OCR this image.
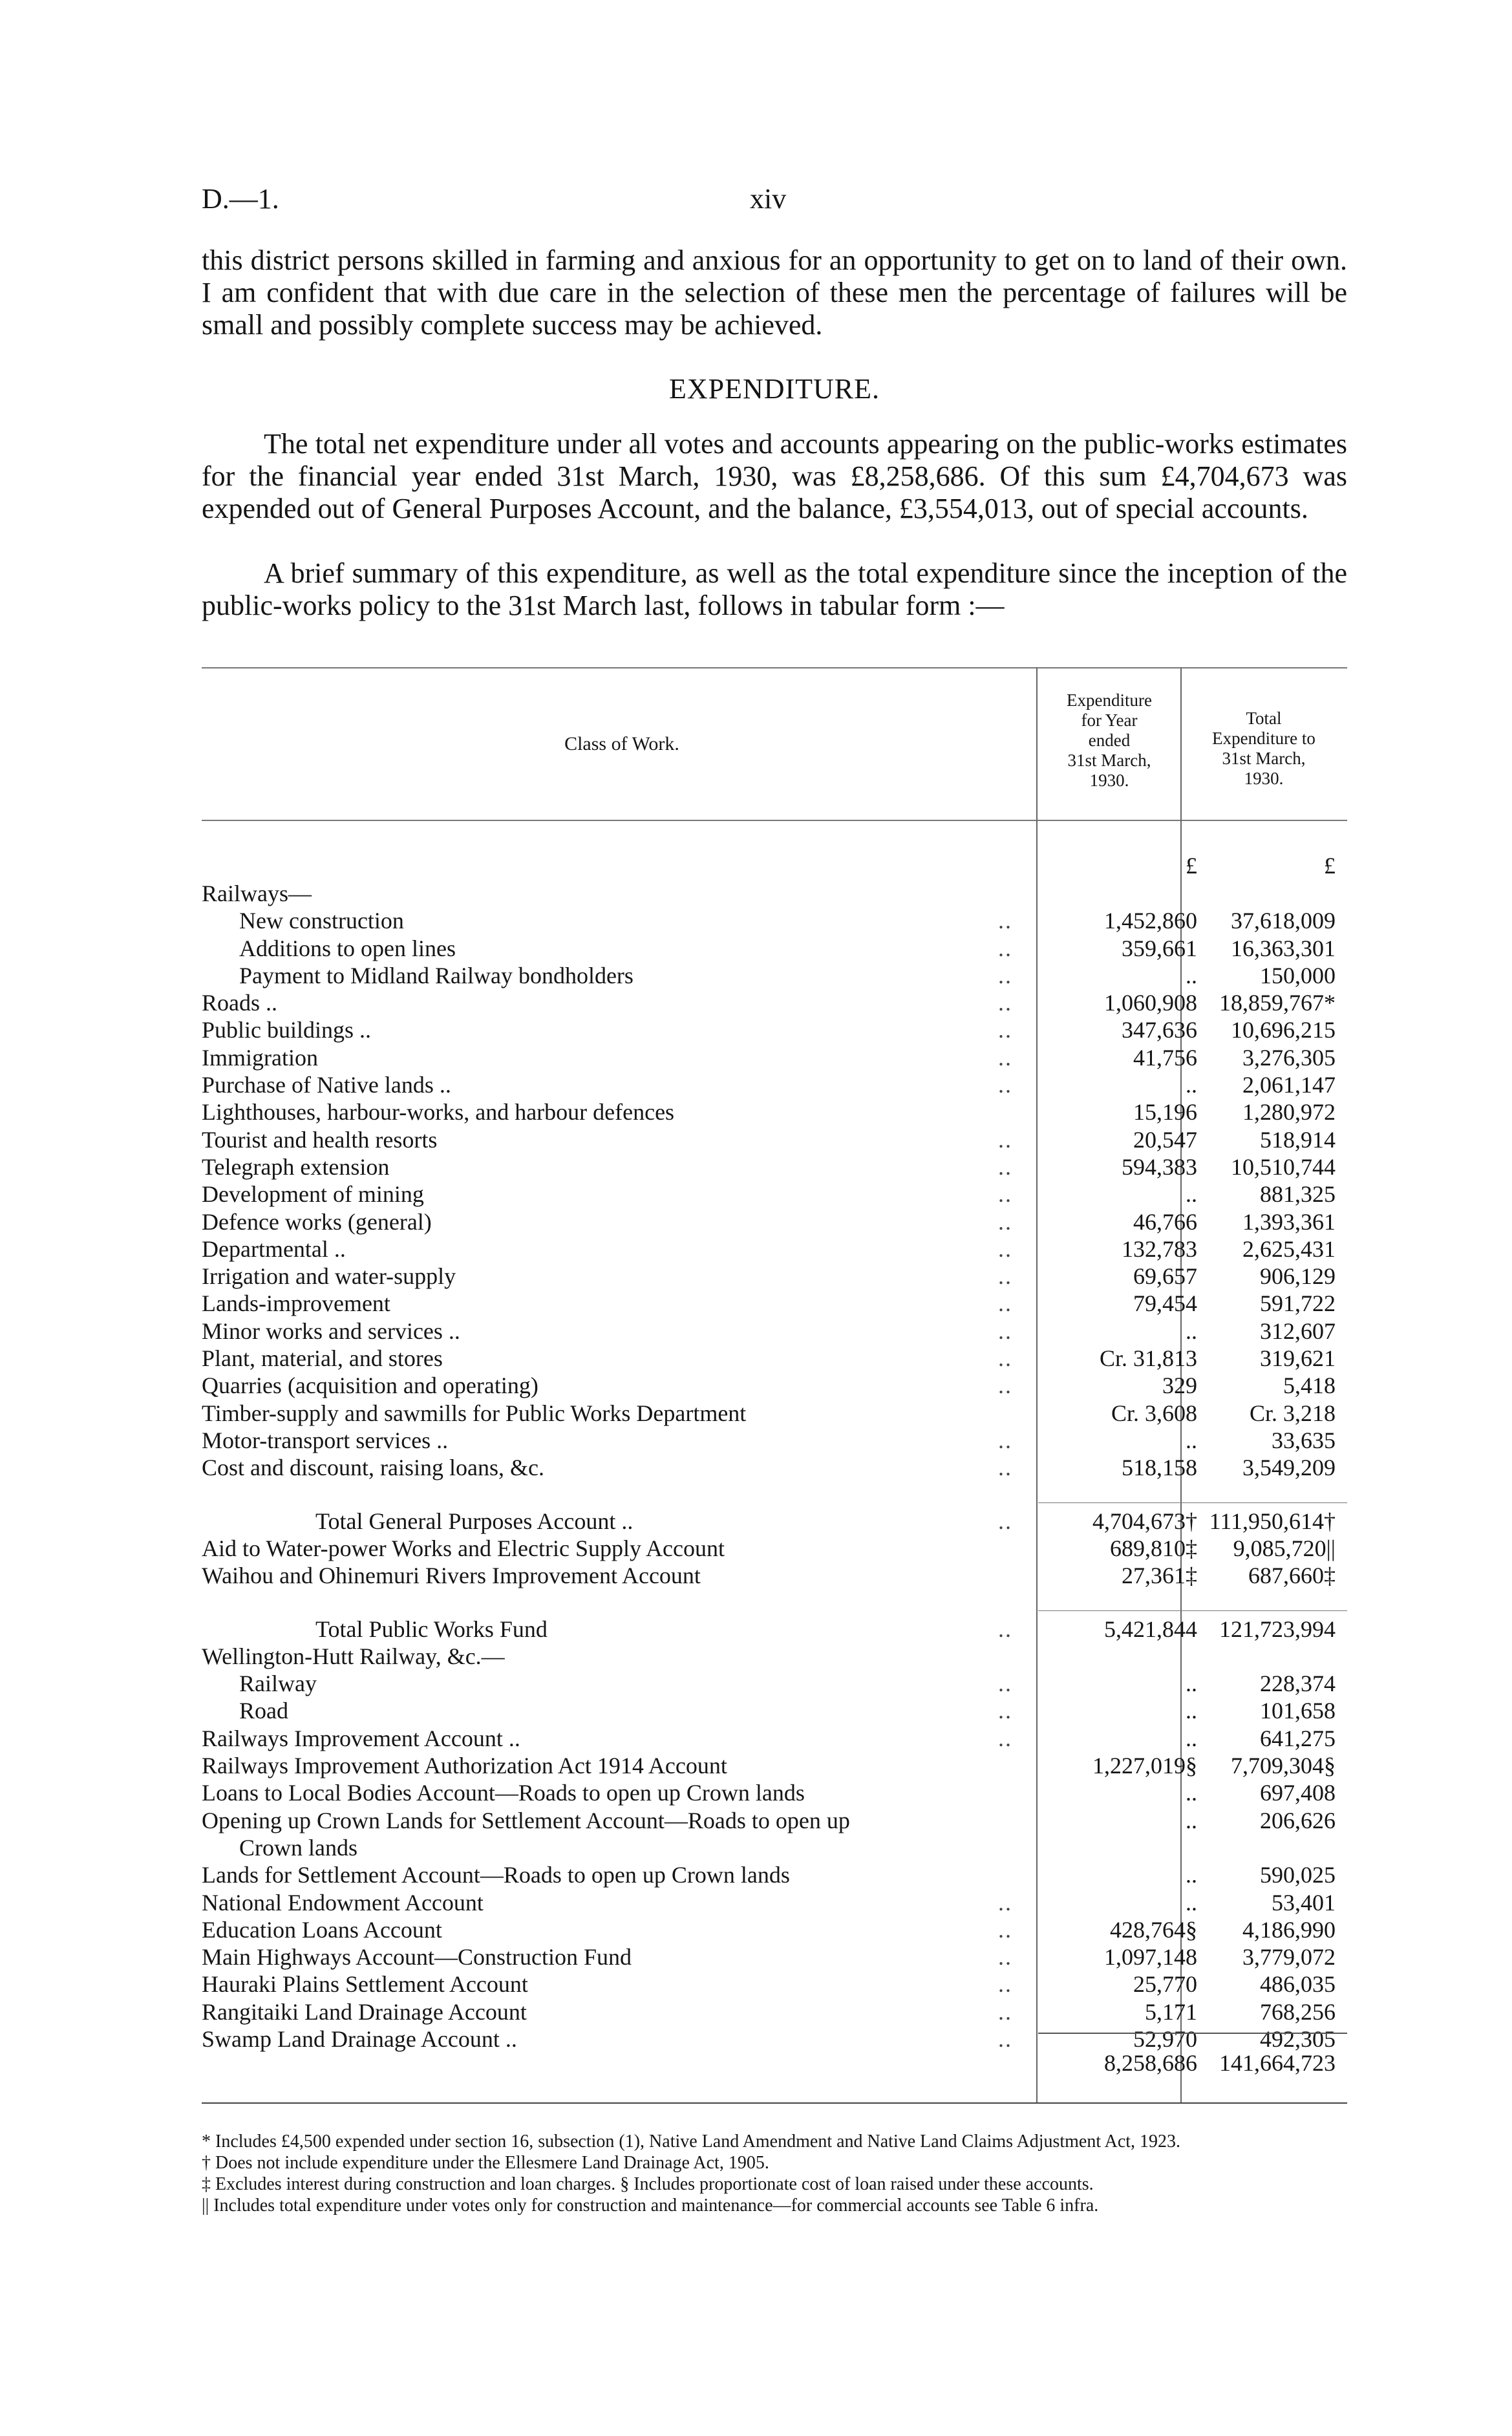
D.—1.	xiv

this district persons skilled in farming and anxious for an opportunity to get on to land of their own. I am confident that with due care in the selection of these men the percentage of failures will be small and possibly complete success may be achieved.

EXPENDITURE.

The total net expenditure under all votes and accounts appearing on the public-works estimates for the financial year ended 31st March, 1930, was £8,258,686. Of this sum £4,704,673 was expended out of General Purposes Account, and the balance, £3,554,013, out of special accounts.

A brief summary of this expenditure, as well as the total expenditure since the inception of the public-works policy to the 31st March last, follows in tabular form :—

Class of Work.
Expenditure
for Year
ended
31st March,
1930.
Total
Expenditure to
31st March,
1930.
£	£
Railways—
New construction	..	1,452,860 37,618,009
Additions to open lines	..	359,661 16,363,301
Payment to Midland Railway bondholders	..	..	150,000
Roads ..	..	1,060,908 18,859,767*
Public buildings ..	..	347,636 10,696,215
Immigration	..	41,756 3,276,305
Purchase of Native lands ..	..	.. 2,061,147
Lighthouses, harbour-works, and harbour defences	15,196 1,280,972
Tourist and health resorts	..	20,547	518,914
Telegraph extension	..	594,383 10,510,744
Development of mining	..	..	881,325
Defence works (general)	..	46,766 1,393,361
Departmental ..	..	132,783 2,625,431
Irrigation and water-supply	..	69,657	906,129
Lands-improvement	..	79,454	591,722
Minor works and services ..	..	..	312,607
Plant, material, and stores	..	Cr. 31,813	319,621
Quarries (acquisition and operating)	..	329	5,418
Timber-supply and sawmills for Public Works Department	Cr. 3,608 Cr. 3,218
Motor-transport services ..	..	..	33,635
Cost and discount, raising loans, &c.	..	518,158 3,549,209
Total General Purposes Account ..	..	4,704,673† 111,950,614†
Aid to Water-power Works and Electric Supply Account	689,810‡ 9,085,720||
Waihou and Ohinemuri Rivers Improvement Account	27,361‡ 687,660‡
Total Public Works Fund	..	5,421,844 121,723,994
Wellington-Hutt Railway, &c.—
Railway	..	..	228,374
Road	..	..	101,658
Railways Improvement Account ..	..	..	641,275
Railways Improvement Authorization Act 1914 Account	1,227,019§ 7,709,304§
Loans to Local Bodies Account—Roads to open up Crown lands	..	697,408
Opening up Crown Lands for Settlement Account—Roads to open up	..	206,626
Crown lands
Lands for Settlement Account—Roads to open up Crown lands	..	590,025
National Endowment Account	..	..	53,401
Education Loans Account	..	428,764§ 4,186,990
Main Highways Account—Construction Fund	..	1,097,148 3,779,072
Hauraki Plains Settlement Account	..	25,770	486,035
Rangitaiki Land Drainage Account	..	5,171	768,256
Swamp Land Drainage Account ..	..	52,970	492,305
8,258,686 141,664,723

* Includes £4,500 expended under section 16, subsection (1), Native Land Amendment and Native Land Claims Adjustment Act, 1923.

† Does not include expenditure under the Ellesmere Land Drainage Act, 1905.

‡ Excludes interest during construction and loan charges. § Includes proportionate cost of loan raised under these accounts.

|| Includes total expenditure under votes only for construction and maintenance—for commercial accounts see Table 6 infra.
